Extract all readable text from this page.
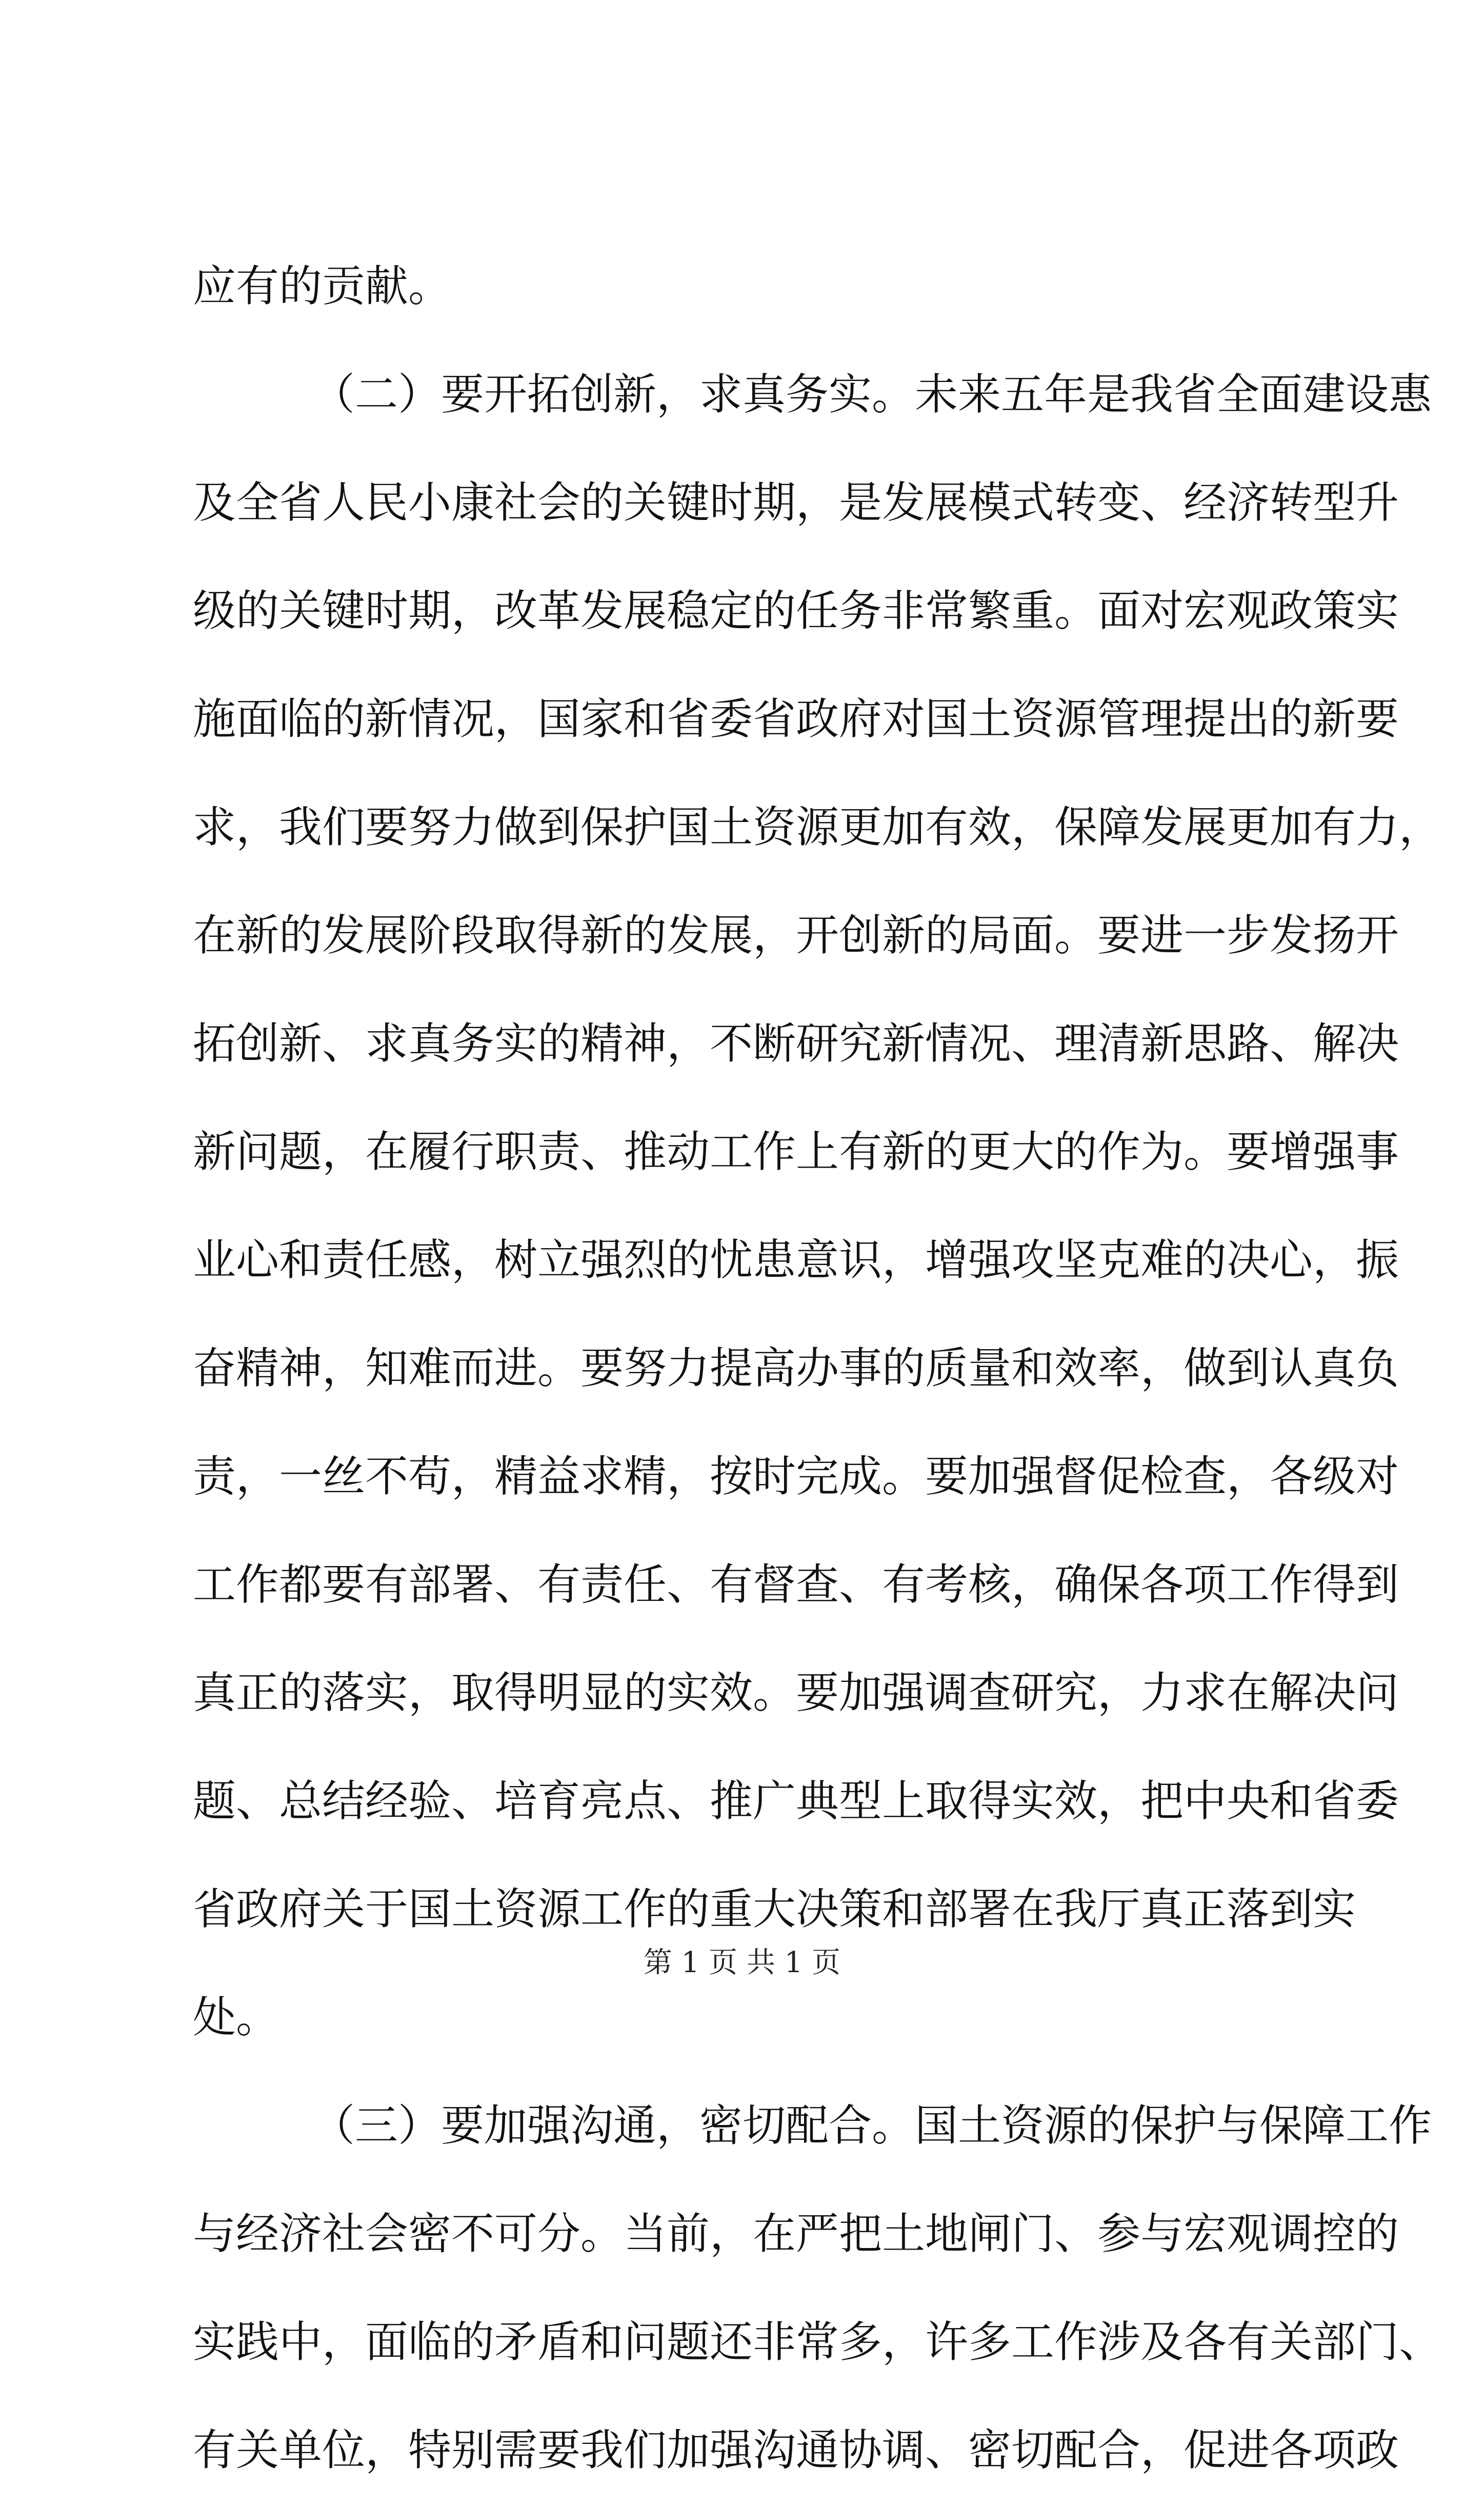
应有的贡献。
（二）要开拓创新，求真务实。未来五年是我省全面建设惠
及全省人民小康社会的关键时期，是发展模式转变、经济转型升
级的关键时期，改革发展稳定的任务非常繁重。面对宏观政策实
施面临的新情况，国家和省委省政府对国土资源管理提出的新要
求，我们要努力做到保护国土资源更加有效，保障发展更加有力，
在新的发展阶段取得新的发展，开创新的局面。要进一步发扬开
拓创新、求真务实的精神，不断研究新情况、理清新思路、解决
新问题，在履行职责、推动工作上有新的更大的作为。要增强事
业心和责任感，树立强烈的忧患意识，增强攻坚克难的决心，振
奋精神，知难而进。要努力提高办事的质量和效率，做到认真负
责，一丝不苟，精益求精，按时完成。要加强督促检查，各级对
工作都要有部署、有责任、有督查、有考核，确保各项工作得到
真正的落实，取得明显的实效。要加强调查研究，力求在解决问
题、总结经验、培育亮点、推广典型上取得实效，把中央和省委
省政府关于国土资源工作的重大决策和部署在我厅真正落到实
处。
（三）要加强沟通，密切配合。国土资源的保护与保障工作
与经济社会密不可分。当前，在严把土地闸门、参与宏观调控的
实践中，面临的矛盾和问题还非常多，许多工作涉及各有关部门、
有关单位，特别需要我们加强沟通协调、密切配合，促进各项政
第 1 页 共 1 页
